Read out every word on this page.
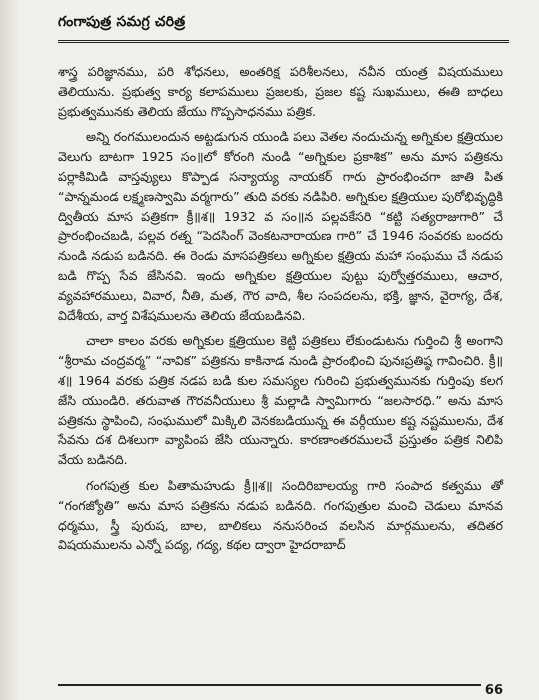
గంగాపుత్ర సమగ్ర చరిత్ర

శాస్త్ర పరిజ్ఞానము, పరి శోధనలు, అంతరిక్ష పరిశీలనలు, నవీన యంత్ర విషయములు తెలియును. ప్రభుత్వ కార్య కలాపములు ప్రజలకు, ప్రజల కష్ట సుఖములు, ఈతి బాధలు ప్రభుత్వమునకు తెలియ జేయు గొప్పసాధనము పత్రిక.

అన్ని రంగములందున అట్టడుగున యుండి పలు వెతల నందుచున్న అగ్నికుల క్షత్రియుల వెలుగు బాటగా 1925 సం॥లో కోరంగి నుండి “అగ్నికుల ప్రకాశిక” అను మాస పత్రికను పర్లాకిమిడి వాస్తవ్యులు కొప్పాడ సన్యాయ్య నాయకర్ గారు ప్రారంభించగా జాతి పిత “పాన్నమండ లక్ష్మణస్వామి వర్మగారు” తుది వరకు నడిపిరి. అగ్నికుల క్షత్రియుల పురోభివృద్ధికి ద్వితీయ మాస పత్రికగా క్రీ॥శ॥ 1932 వ సం॥న పల్లవకేసరి “కట్టి సత్యరాజుగారి” చే ప్రారంభించబడి, పల్లవ రత్న “పెదసింగ్ వెంకటనారాయణ గారి” చే 1946 సంవరకు బందరు నుండి నడుప బడినది. ఈ రెండు మాసపత్రికలు అగ్నికుల క్షత్రియ మహా సంఘము చే నడుప బడి గొప్ప సేవ జేసినవి. ఇందు అగ్నికుల క్షత్రియుల పుట్టు పుర్వోత్తరములు, ఆచార, వ్యవహారములు, వివార, నీతి, మత, గౌర వాది, శీల సంపదలను, భక్తి, జ్ఞాన, వైరాగ్య, దేశ, విదేశీయ, వార్త విశేషములను తెలియ జేయబడినవి.

చాలా కాలం వరకు అగ్నికుల క్షత్రియుల కెట్టి పత్రికలు లేకుండుటను గుర్తించి శ్రీ అంగాని “శ్రీరామ చంద్రవర్మ” “నావిక” పత్రికను కాకినాడ నుండి ప్రారంభించి పునఃప్రతిష్ఠ గావించిరి. క్రీ॥శ॥ 1964 వరకు పత్రిక నడప బడి కుల సమస్యల గురించి ప్రభుత్వమునకు గుర్తింపు కలగ జేసి యుండిరి. తరువాత గౌరవనీయులు శ్రీ మల్లాడి స్వామిగారు “జలసారధి.” అను మాస పత్రికను స్థాపించి, సంఘములో మిక్కిలి వెనకబడియున్న ఈ వర్గీయుల కష్ట నష్టములను, దేశ సేవను దశ దిశలుగా వ్యాపింప జేసి యున్నారు. కారణాంతరములచే ప్రస్తుతం పత్రిక నిలిపి వేయ బడినది.

గంగపుత్ర కుల పితామహుడు క్రీ॥శ॥ సందిరిబాలయ్య గారి సంపాద కత్వము తో “గంగజ్యోతి” అను మాస పత్రికను నడుప బడినది. గంగపుత్రుల మంచి చెడులు మానవ ధర్మము, స్త్రీ పురుష, బాల, బాలికలు ననుసరించ వలసిన మార్గములను, తదితర విషయములను ఎన్నో పద్య, గద్య, కథల ద్వారా హైదరాబాద్

66
